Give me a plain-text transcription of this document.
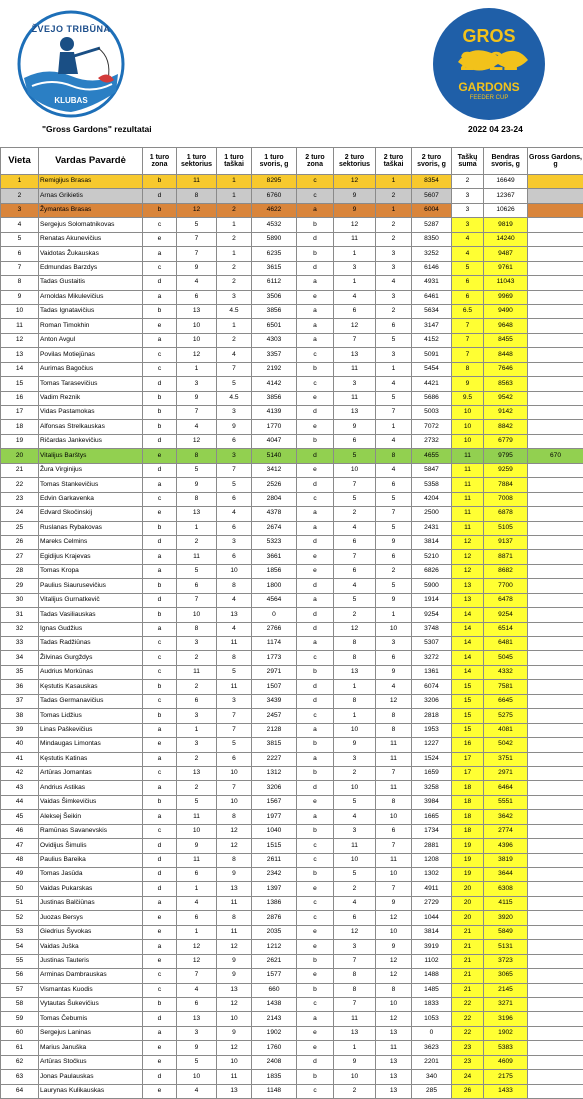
ŽVEJO TRIBŪNA
KLUBAS
GROS
2022
GARDONS
FEEDER CUP
"Gross Gardons" rezultatai	2022 04 23-24
Vieta	Vardas Pavardė	1 turo zona	1 turo sektorius	1 turo taškai	1 turo svoris, g	2 turo zona	2 turo sektorius	2 turo taškai	2 turo svoris, g	Taškų suma	Bendras svoris, g	Gross Gardons, g
1	Remigijus Brasas	b	11	1	8295	c	12	1	8354	2	16649	
2	Arnas Grikietis	d	8	1	6760	c	9	2	5607	3	12367	
3	Žymantas Brasas	b	12	2	4622	a	9	1	6004	3	10626	
4	Sergejus Solomatnikovas	c	5	1	4532	b	12	2	5287	3	9819	
5	Renatas Akunevičius	e	7	2	5890	d	11	2	8350	4	14240	
6	Vaidotas Žukauskas	a	7	1	6235	b	1	3	3252	4	9487	
7	Edmundas Barzdys	c	9	2	3615	d	3	3	6146	5	9761	
8	Tadas Gustaitis	d	4	2	6112	a	1	4	4931	6	11043	
9	Arnoldas Mikulevičius	a	6	3	3506	e	4	3	6461	6	9969	
10	Tadas Ignatavičius	b	13	4.5	3856	a	6	2	5634	6.5	9490	
11	Roman Timokhin	e	10	1	6501	a	12	6	3147	7	9648	
12	Anton Avgul	a	10	2	4303	a	7	5	4152	7	8455	
13	Povilas Motiejūnas	c	12	4	3357	c	13	3	5091	7	8448	
14	Aurimas Bagočius	c	1	7	2192	b	11	1	5454	8	7646	
15	Tomas Tarasevičius	d	3	5	4142	c	3	4	4421	9	8563	
16	Vadim Reznik	b	9	4.5	3856	e	11	5	5686	9.5	9542	
17	Vidas Pastamokas	b	7	3	4139	d	13	7	5003	10	9142	
18	Alfonsas Strelkauskas	b	4	9	1770	e	9	1	7072	10	8842	
19	Ričardas Jankevičius	d	12	6	4047	b	6	4	2732	10	6779	
20	Vitalijus Barštys	e	8	3	5140	d	5	8	4655	11	9795	670
21	Žura Virginijus	d	5	7	3412	e	10	4	5847	11	9259	
22	Tomas Stankevičius	a	9	5	2526	d	7	6	5358	11	7884	
23	Edvin Garkavenka	c	8	6	2804	c	5	5	4204	11	7008	
24	Edvard Skočinskij	e	13	4	4378	a	2	7	2500	11	6878	
25	Ruslanas Rybakovas	b	1	6	2674	a	4	5	2431	11	5105	
26	Mareks Celmins	d	2	3	5323	d	6	9	3814	12	9137	
27	Egidijus Krajevas	a	11	6	3661	e	7	6	5210	12	8871	
28	Tomas Kropa	a	5	10	1856	e	6	2	6826	12	8682	
29	Paulius Siaurusevičius	b	6	8	1800	d	4	5	5900	13	7700	
30	Vitalijus Gurnatkevič	d	7	4	4564	a	5	9	1914	13	6478	
31	Tadas Vasiliauskas	b	10	13	0	d	2	1	9254	14	9254	
32	Ignas Gudžius	a	8	4	2766	d	12	10	3748	14	6514	
33	Tadas Radžiūnas	c	3	11	1174	a	8	3	5307	14	6481	
34	Žilvinas Gurgždys	c	2	8	1773	c	8	6	3272	14	5045	
35	Audrius Morkūnas	c	11	5	2971	b	13	9	1361	14	4332	
36	Kęstutis Kasauskas	b	2	11	1507	d	1	4	6074	15	7581	
37	Tadas Germanavičius	c	6	3	3439	d	8	12	3206	15	6645	
38	Tomas Lidžius	b	3	7	2457	c	1	8	2818	15	5275	
39	Linas Paškevičius	a	1	7	2128	a	10	8	1953	15	4081	
40	Mindaugas Limontas	e	3	5	3815	b	9	11	1227	16	5042	
41	Kęstutis Katinas	a	2	6	2227	a	3	11	1524	17	3751	
42	Artūras Jomantas	c	13	10	1312	b	2	7	1659	17	2971	
43	Andrius Astikas	a	2	7	3206	d	10	11	3258	18	6464	
44	Vaidas Šimkevičius	b	5	10	1567	e	5	8	3984	18	5551	
45	Aleksej Šeikin	a	11	8	1977	a	4	10	1665	18	3642	
46	Ramūnas Savanevskis	c	10	12	1040	b	3	6	1734	18	2774	
47	Ovidijus Šimulis	d	9	12	1515	c	11	7	2881	19	4396	
48	Paulius Bareika	d	11	8	2611	c	10	11	1208	19	3819	
49	Tomas Jasūda	d	6	9	2342	b	5	10	1302	19	3644	
50	Vaidas Pukarskas	d	1	13	1397	e	2	7	4911	20	6308	
51	Justinas Balčiūnas	a	4	11	1386	c	4	9	2729	20	4115	
52	Juozas Bersys	e	6	8	2876	c	6	12	1044	20	3920	
53	Giedrius Šyvokas	e	1	11	2035	e	12	10	3814	21	5849	
54	Vaidas Juška	a	12	12	1212	e	3	9	3919	21	5131	
55	Justinas Tauteris	e	12	9	2621	b	7	12	1102	21	3723	
56	Arminas Dambrauskas	c	7	9	1577	e	8	12	1488	21	3065	
57	Vismantas Kuodis	c	4	13	660	b	8	8	1485	21	2145	
58	Vytautas Šukevičius	b	6	12	1438	c	7	10	1833	22	3271	
59	Tomas Čebumis	d	13	10	2143	a	11	12	1053	22	3196	
60	Sergejus Laninas	a	3	9	1902	e	13	13	0	22	1902	
61	Marius Januška	e	9	12	1760	e	1	11	3623	23	5383	
62	Artūras Stočkus	e	5	10	2408	d	9	13	2201	23	4609	
63	Jonas Paulauskas	d	10	11	1835	b	10	13	340	24	2175	
64	Laurynas Kulikauskas	e	4	13	1148	c	2	13	285	26	1433	
